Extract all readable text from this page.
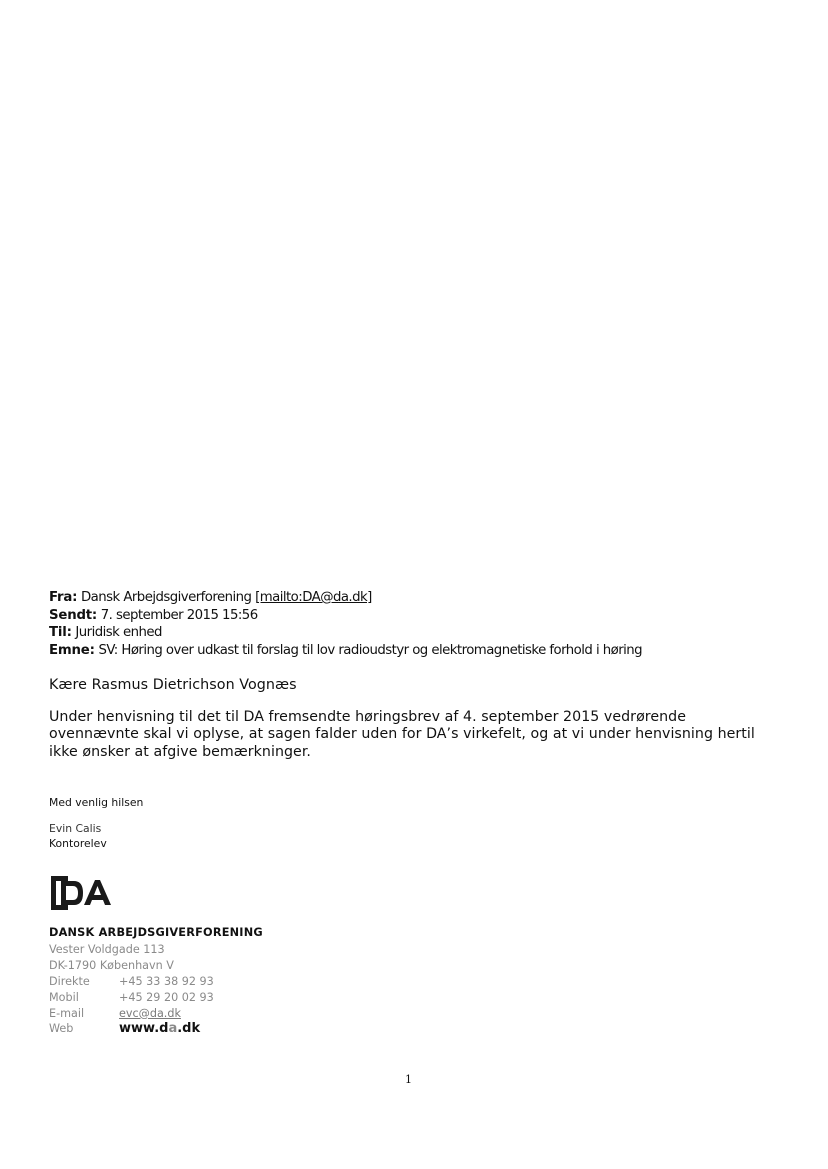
Fra: Dansk Arbejdsgiverforening [mailto:DA@da.dk]
Sendt: 7. september 2015 15:56
Til: Juridisk enhed
Emne: SV: Høring over udkast til forslag til lov radioudstyr og elektromagnetiske forhold i høring
Kære Rasmus Dietrichson Vognæs
Under henvisning til det til DA fremsendte høringsbrev af 4. september 2015 vedrørende ovennævnte skal vi oplyse, at sagen falder uden for DA’s virkefelt, og at vi under henvisning hertil ikke ønsker at afgive bemærkninger.
Med venlig hilsen
Evin Calis
Kontorelev
DANSK ARBEJDSGIVERFORENING
Vester Voldgade 113
DK-1790 København V
Direkte	+45 33 38 92 93
Mobil	+45 29 20 02 93
E-mail	evc@da.dk
Web	www.da.dk
1
